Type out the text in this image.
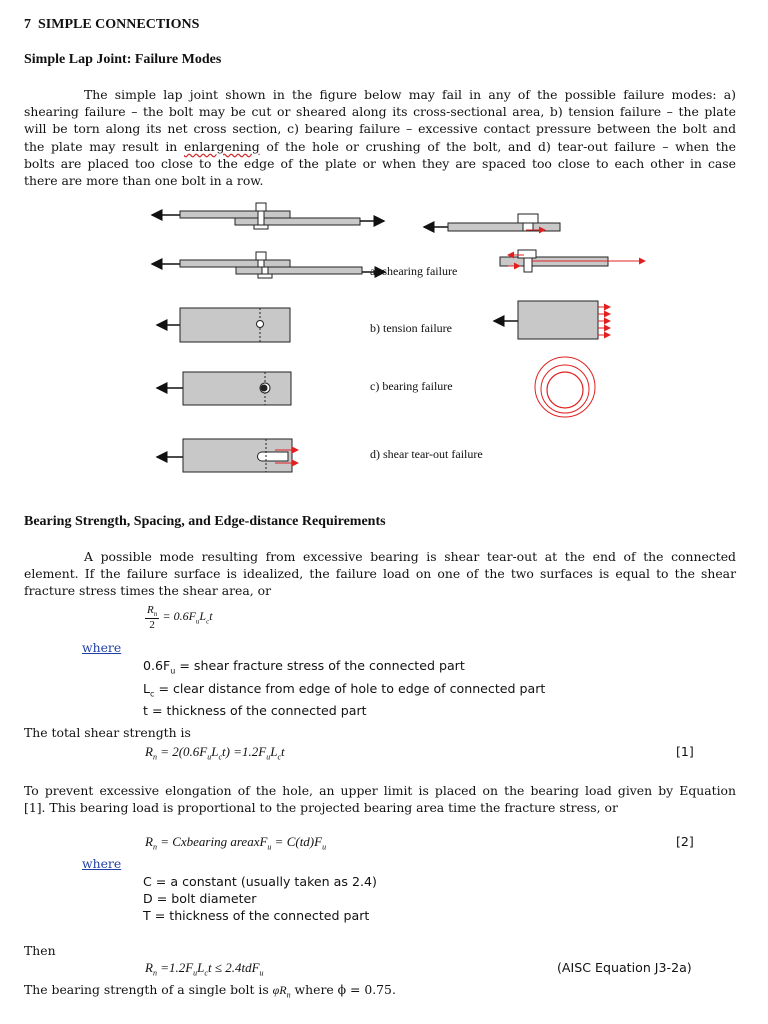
7 SIMPLE CONNECTIONS
Simple Lap Joint: Failure Modes
The simple lap joint shown in the figure below may fail in any of the possible failure modes: a)
shearing failure – the bolt may be cut or sheared along its cross-sectional area, b) tension failure – the plate
will be torn along its net cross section, c) bearing failure – excessive contact pressure between the bolt and
the plate may result in enlargening of the hole or crushing of the bolt, and d) tear-out failure – when the
bolts are placed too close to the edge of the plate or when they are spaced too close to each other in case
there are more than one bolt in a row.
a) shearing failure
b) tension failure
c) bearing failure
d) shear tear-out failure
Bearing Strength, Spacing, and Edge-distance Requirements
A possible mode resulting from excessive bearing is shear tear-out at the end of the connected
element. If the failure surface is idealized, the failure load on one of the two surfaces is equal to the shear
fracture stress times the shear area, or
$\frac{R_n}{2} = 0.6F_uL_ct$
where
$0.6F_u$ = shear fracture stress of the connected part
$L_c$ = clear distance from edge of hole to edge of connected part
t = thickness of the connected part
The total shear strength is
$R_n = 2(0.6F_uL_ct) =1.2F_uL_ct$	[1]
To prevent excessive elongation of the hole, an upper limit is placed on the bearing load given by Equation
[1]. This bearing load is proportional to the projected bearing area time the fracture stress, or
$R_n$ = Cxbearing areaxF$_u$ = $C(td)F_u$	[2]
where
C = a constant (usually taken as 2.4)
D = bolt diameter
T = thickness of the connected part
Then
$R_n =1.2F_uL_ct \le 2.4tdF_u$	(AISC Equation J3-2a)
The bearing strength of a single bolt is $\varphi R_n$ where ϕ = 0.75.
